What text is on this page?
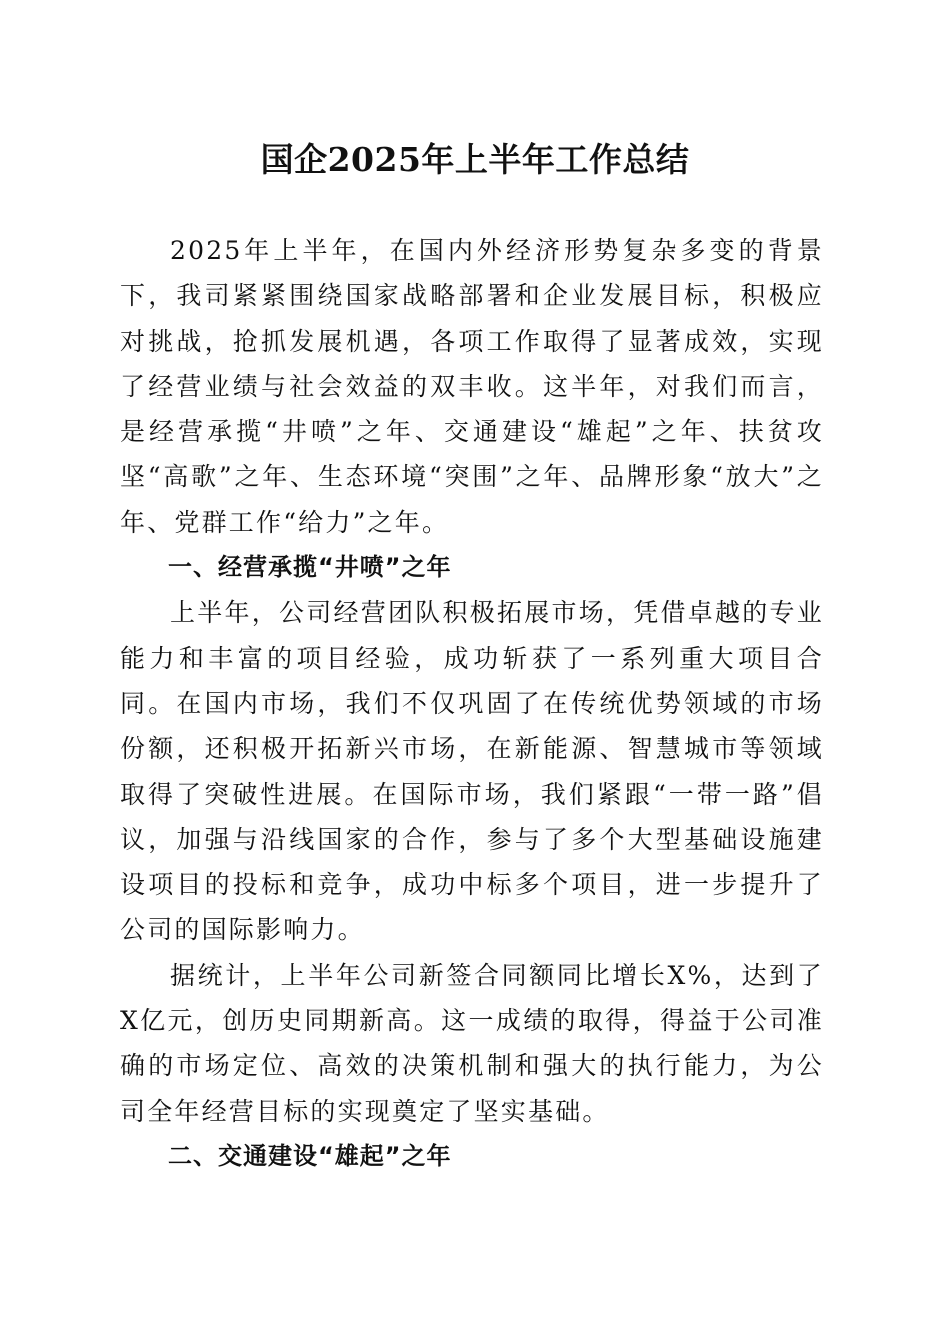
国企2025年上半年工作总结

2025年上半年，在国内外经济形势复杂多变的背景下，我司紧紧围绕国家战略部署和企业发展目标，积极应对挑战，抢抓发展机遇，各项工作取得了显著成效，实现了经营业绩与社会效益的双丰收。这半年，对我们而言，是经营承揽“井喷”之年、交通建设“雄起”之年、扶贫攻坚“高歌”之年、生态环境“突围”之年、品牌形象“放大”之年、党群工作“给力”之年。

一、经营承揽“井喷”之年

上半年，公司经营团队积极拓展市场，凭借卓越的专业能力和丰富的项目经验，成功斩获了一系列重大项目合同。在国内市场，我们不仅巩固了在传统优势领域的市场份额，还积极开拓新兴市场，在新能源、智慧城市等领域取得了突破性进展。在国际市场，我们紧跟“一带一路”倡议，加强与沿线国家的合作，参与了多个大型基础设施建设项目的投标和竞争，成功中标多个项目，进一步提升了公司的国际影响力。

据统计，上半年公司新签合同额同比增长X%，达到了X亿元，创历史同期新高。这一成绩的取得，得益于公司准确的市场定位、高效的决策机制和强大的执行能力，为公司全年经营目标的实现奠定了坚实基础。

二、交通建设“雄起”之年
